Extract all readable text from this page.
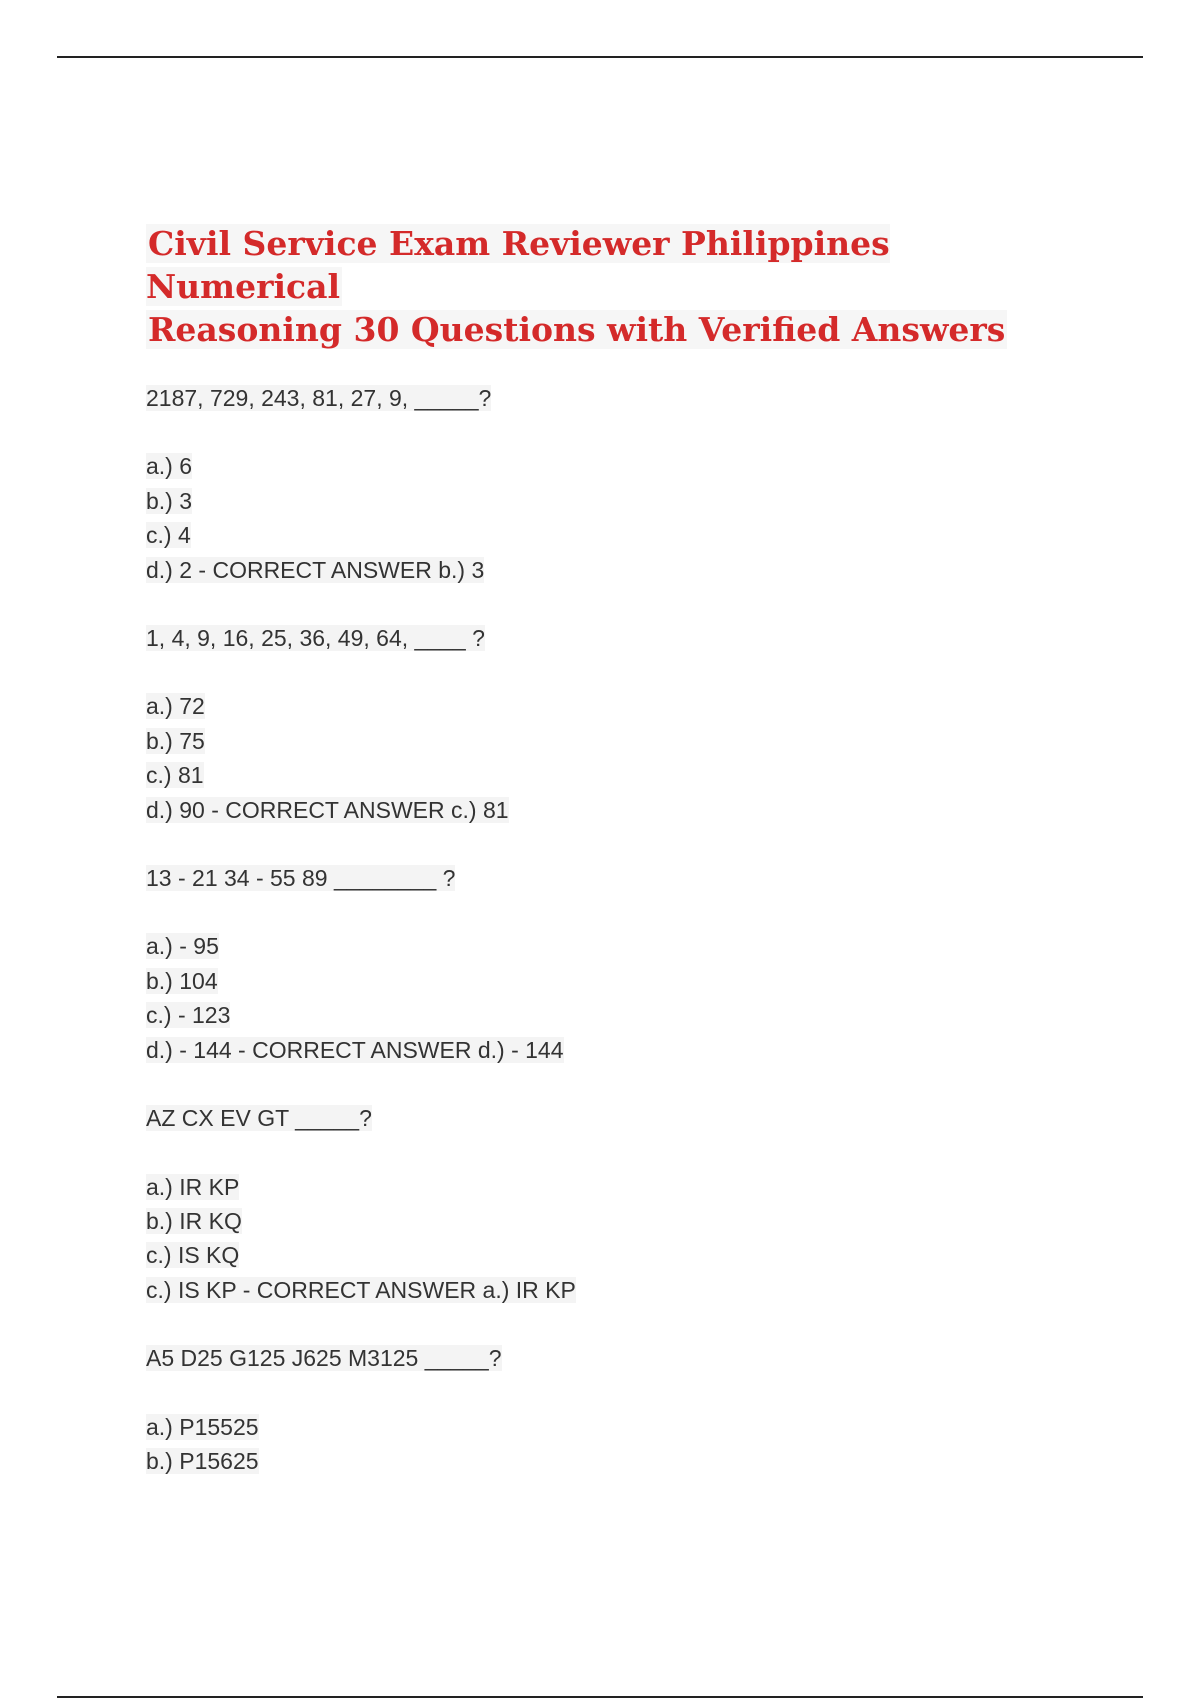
Civil Service Exam Reviewer Philippines Numerical
Reasoning 30 Questions with Verified Answers
2187, 729, 243, 81, 27, 9, _____?
a.) 6
b.) 3
c.) 4
d.) 2 - CORRECT ANSWER b.) 3
1, 4, 9, 16, 25, 36, 49, 64, ____ ?
a.) 72
b.) 75
c.) 81
d.) 90 - CORRECT ANSWER c.) 81
13 - 21 34 - 55 89 ________ ?
a.) - 95
b.) 104
c.) - 123
d.) - 144 - CORRECT ANSWER d.) - 144
AZ CX EV GT _____?
a.) IR KP
b.) IR KQ
c.) IS KQ
c.) IS KP - CORRECT ANSWER a.) IR KP
A5 D25 G125 J625 M3125 _____?
a.) P15525
b.) P15625
